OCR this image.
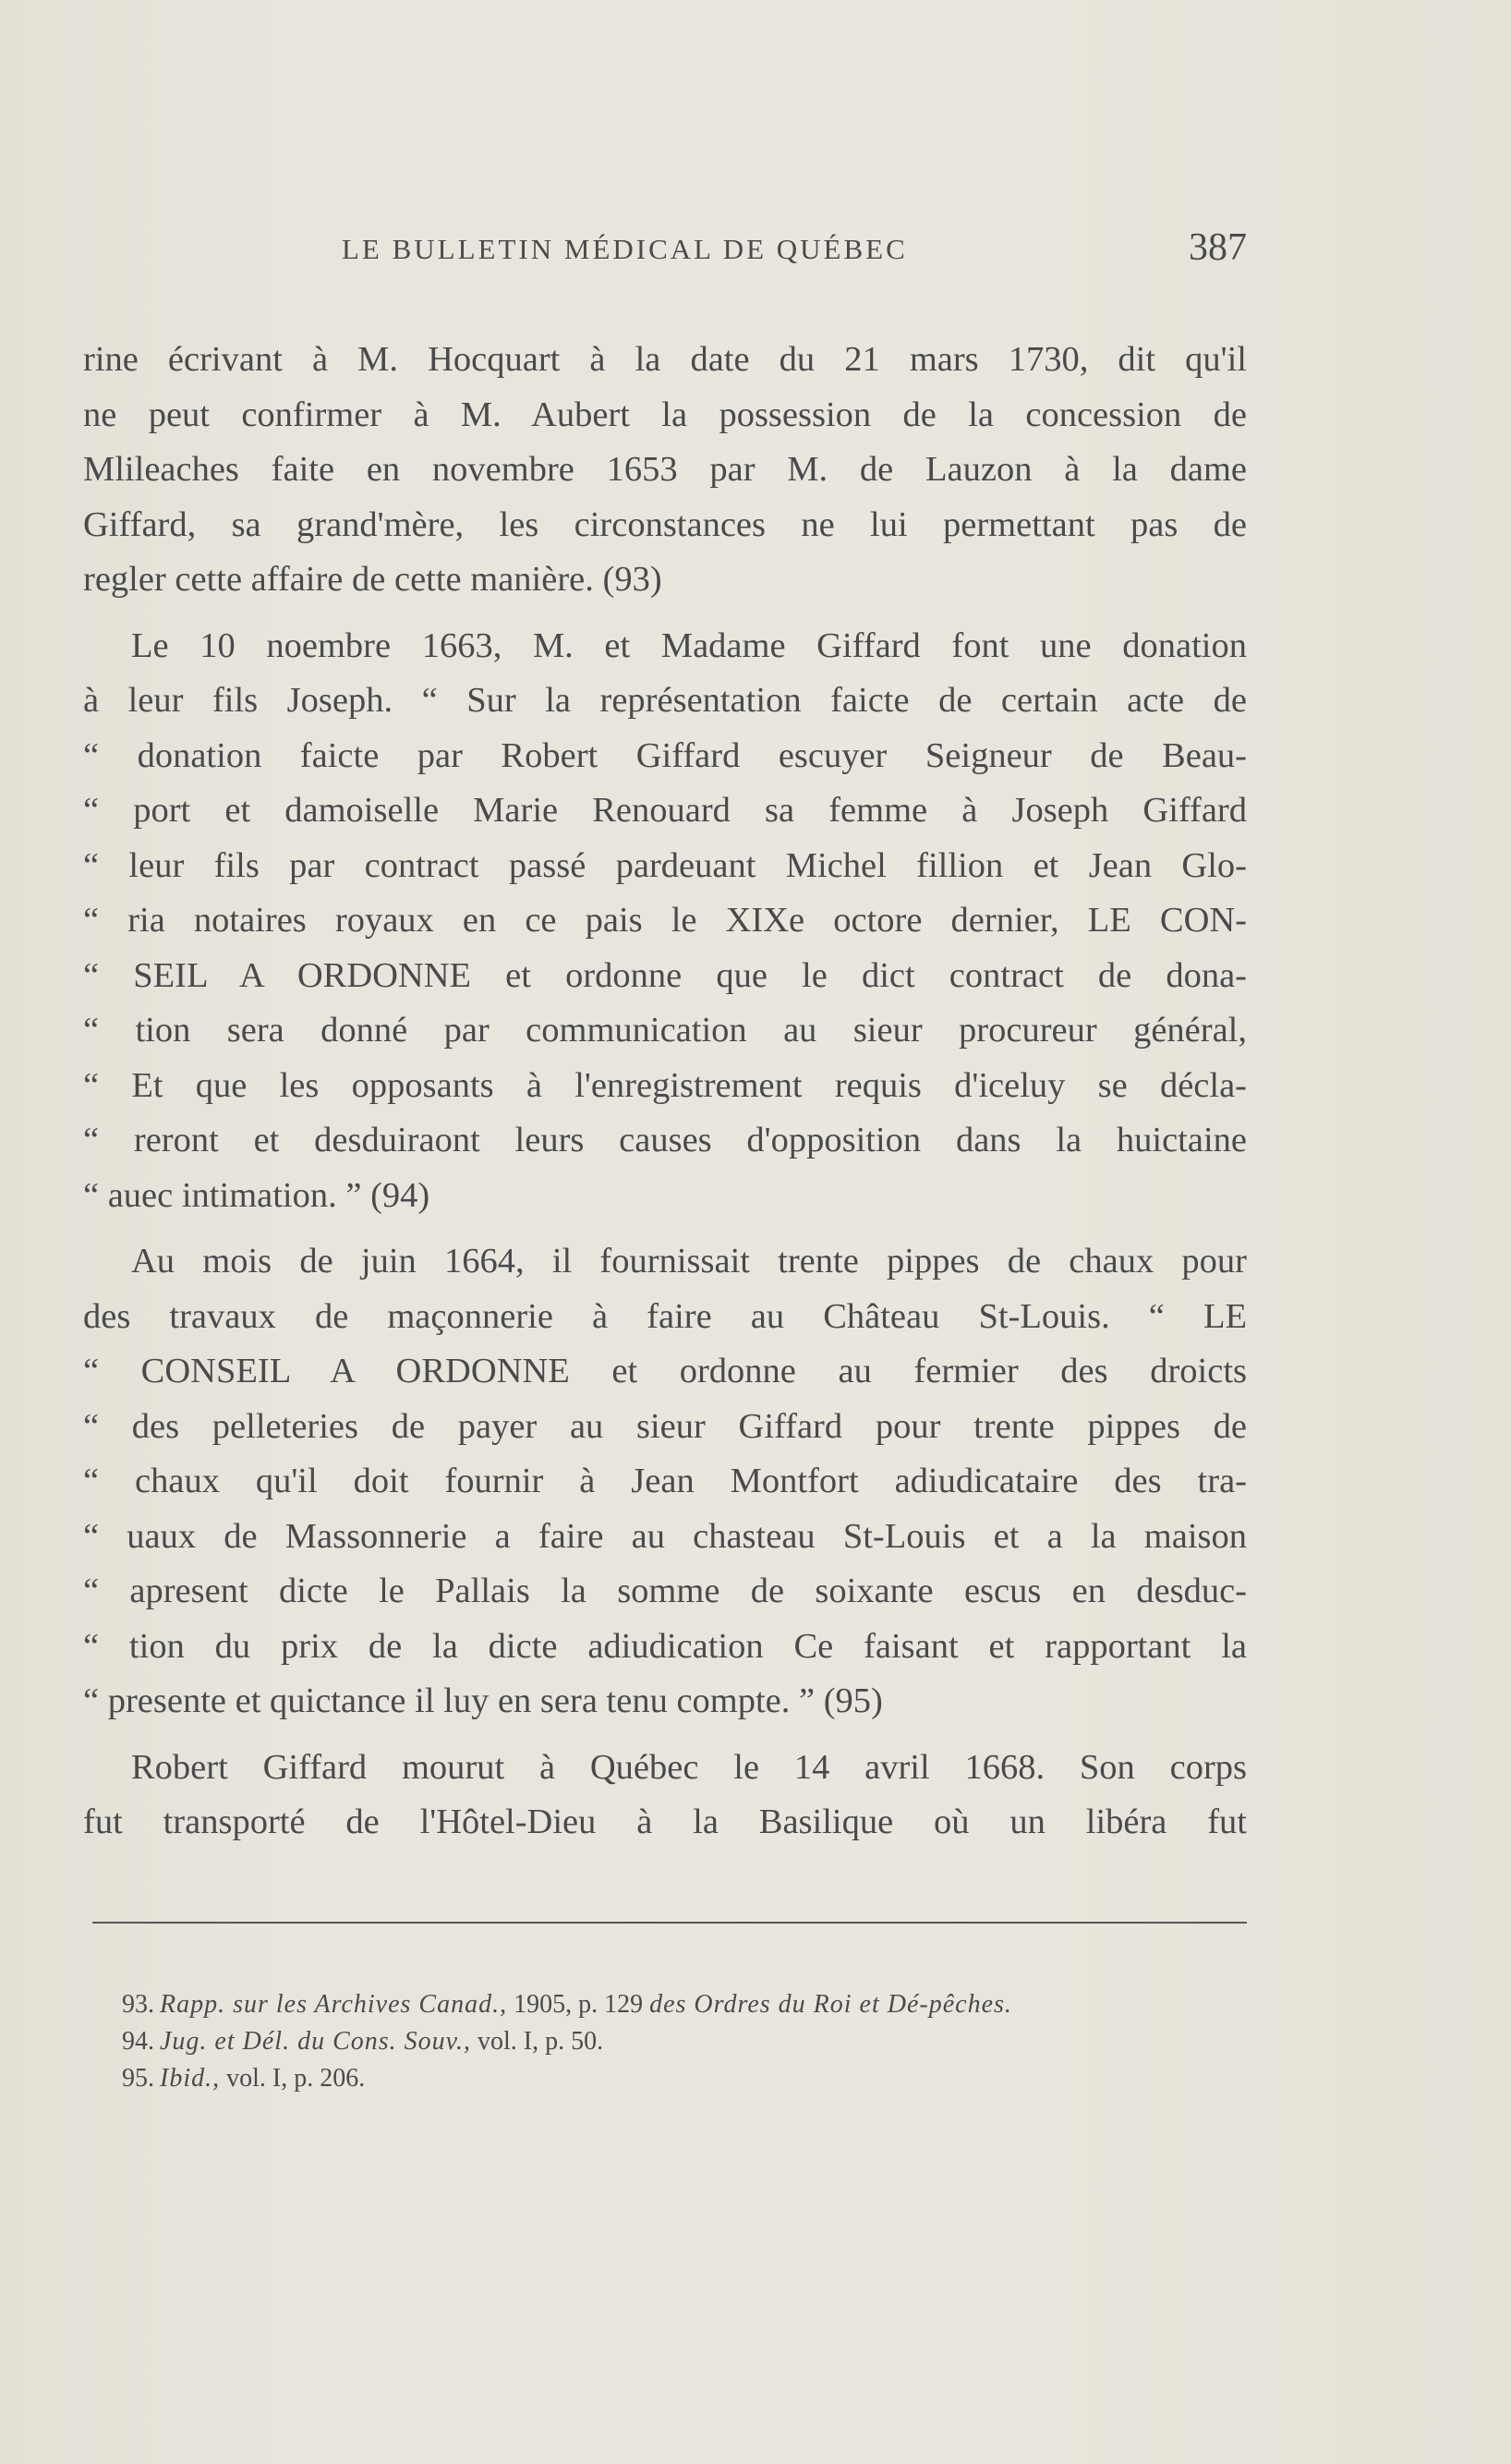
LE BULLETIN MÉDICAL DE QUÉBEC	387

rine écrivant à M. Hocquart à la date du 21 mars 1730, dit qu'il
ne peut confirmer à M. Aubert la possession de la concession de
Mlileaches faite en novembre 1653 par M. de Lauzon à la dame
Giffard, sa grand'mère, les circonstances ne lui permettant pas de
regler cette affaire de cette manière. (93)

Le 10 noembre 1663, M. et Madame Giffard font une donation
à leur fils Joseph. “ Sur la représentation faicte de certain acte de
“ donation faicte par Robert Giffard escuyer Seigneur de Beau-
“ port et damoiselle Marie Renouard sa femme à Joseph Giffard
“ leur fils par contract passé pardeuant Michel fillion et Jean Glo-
“ ria notaires royaux en ce pais le XIXe octore dernier, LE CON-
“ SEIL A ORDONNE et ordonne que le dict contract de dona-
“ tion sera donné par communication au sieur procureur général,
“ Et que les opposants à l'enregistrement requis d'iceluy se décla-
“ reront et desduiraont leurs causes d'opposition dans la huictaine
“ auec intimation. ” (94)

Au mois de juin 1664, il fournissait trente pippes de chaux pour
des travaux de maçonnerie à faire au Château St-Louis. “ LE
“ CONSEIL A ORDONNE et ordonne au fermier des droicts
“ des pelleteries de payer au sieur Giffard pour trente pippes de
“ chaux qu'il doit fournir à Jean Montfort adiudicataire des tra-
“ uaux de Massonnerie a faire au chasteau St-Louis et a la maison
“ apresent dicte le Pallais la somme de soixante escus en desduc-
“ tion du prix de la dicte adiudication Ce faisant et rapportant la
“ presente et quictance il luy en sera tenu compte. ” (95)

Robert Giffard mourut à Québec le 14 avril 1668. Son corps
fut transporté de l'Hôtel-Dieu à la Basilique où un libéra fut

93. Rapp. sur les Archives Canad., 1905, p. 129 des Ordres du Roi et Dé-pêches.
94. Jug. et Dél. du Cons. Souv., vol. I, p. 50.
95. Ibid., vol. I, p. 206.
